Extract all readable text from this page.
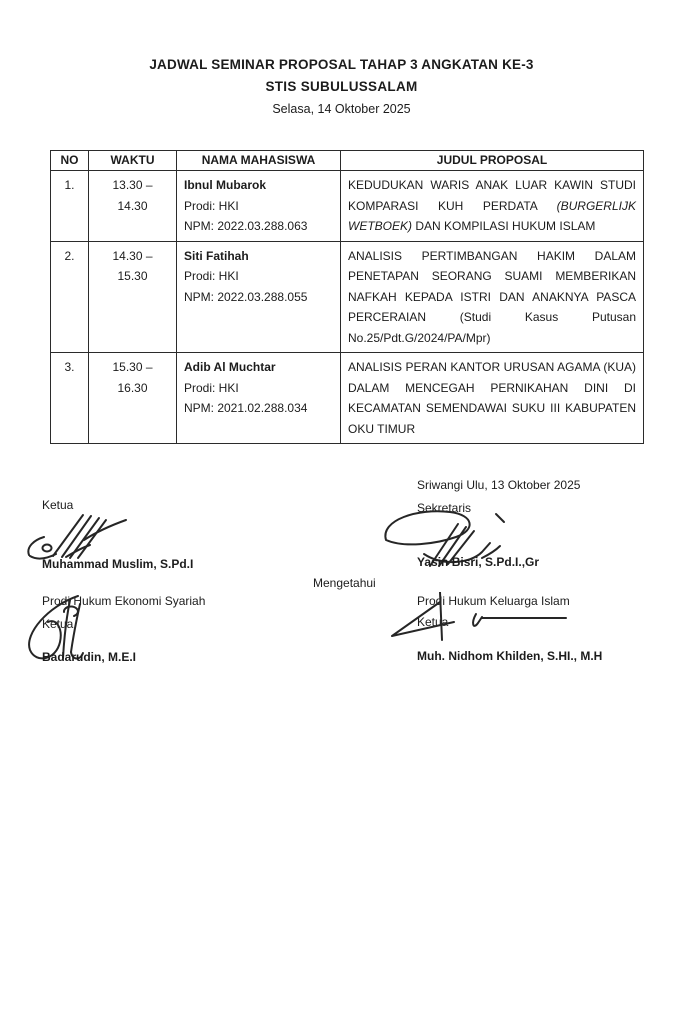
JADWAL SEMINAR PROPOSAL TAHAP 3 ANGKATAN KE-3
STIS SUBULUSSALAM
Selasa, 14 Oktober 2025
NO	WAKTU	NAMA MAHASISWA	JUDUL PROPOSAL
1.	13.30 – 14.30	Ibnul Mubarok
Prodi: HKI
NPM: 2022.03.288.063	KEDUDUKAN WARIS ANAK LUAR KAWIN STUDI KOMPARASI KUH PERDATA (BURGERLIJK WETBOEK) DAN KOMPILASI HUKUM ISLAM
2.	14.30 – 15.30	Siti Fatihah
Prodi: HKI
NPM: 2022.03.288.055	ANALISIS PERTIMBANGAN HAKIM DALAM PENETAPAN SEORANG SUAMI MEMBERIKAN NAFKAH KEPADA ISTRI DAN ANAKNYA PASCA PERCERAIAN (Studi Kasus Putusan No.25/Pdt.G/2024/PA/Mpr)
3.	15.30 – 16.30	Adib Al Muchtar
Prodi: HKI
NPM: 2021.02.288.034	ANALISIS PERAN KANTOR URUSAN AGAMA (KUA) DALAM MENCEGAH PERNIKAHAN DINI DI KECAMATAN SEMENDAWAI SUKU III KABUPATEN OKU TIMUR
Sriwangi Ulu, 13 Oktober 2025
Sekretaris
Ketua
Muhammad Muslim, S.Pd.I	Yasin Bisri, S.Pd.I.,Gr
Mengetahui
Prodi Hukum Ekonomi Syariah	Prodi Hukum Keluarga Islam
Ketua	Ketua
Badarudin, M.E.I	Muh. Nidhom Khilden, S.HI., M.H
